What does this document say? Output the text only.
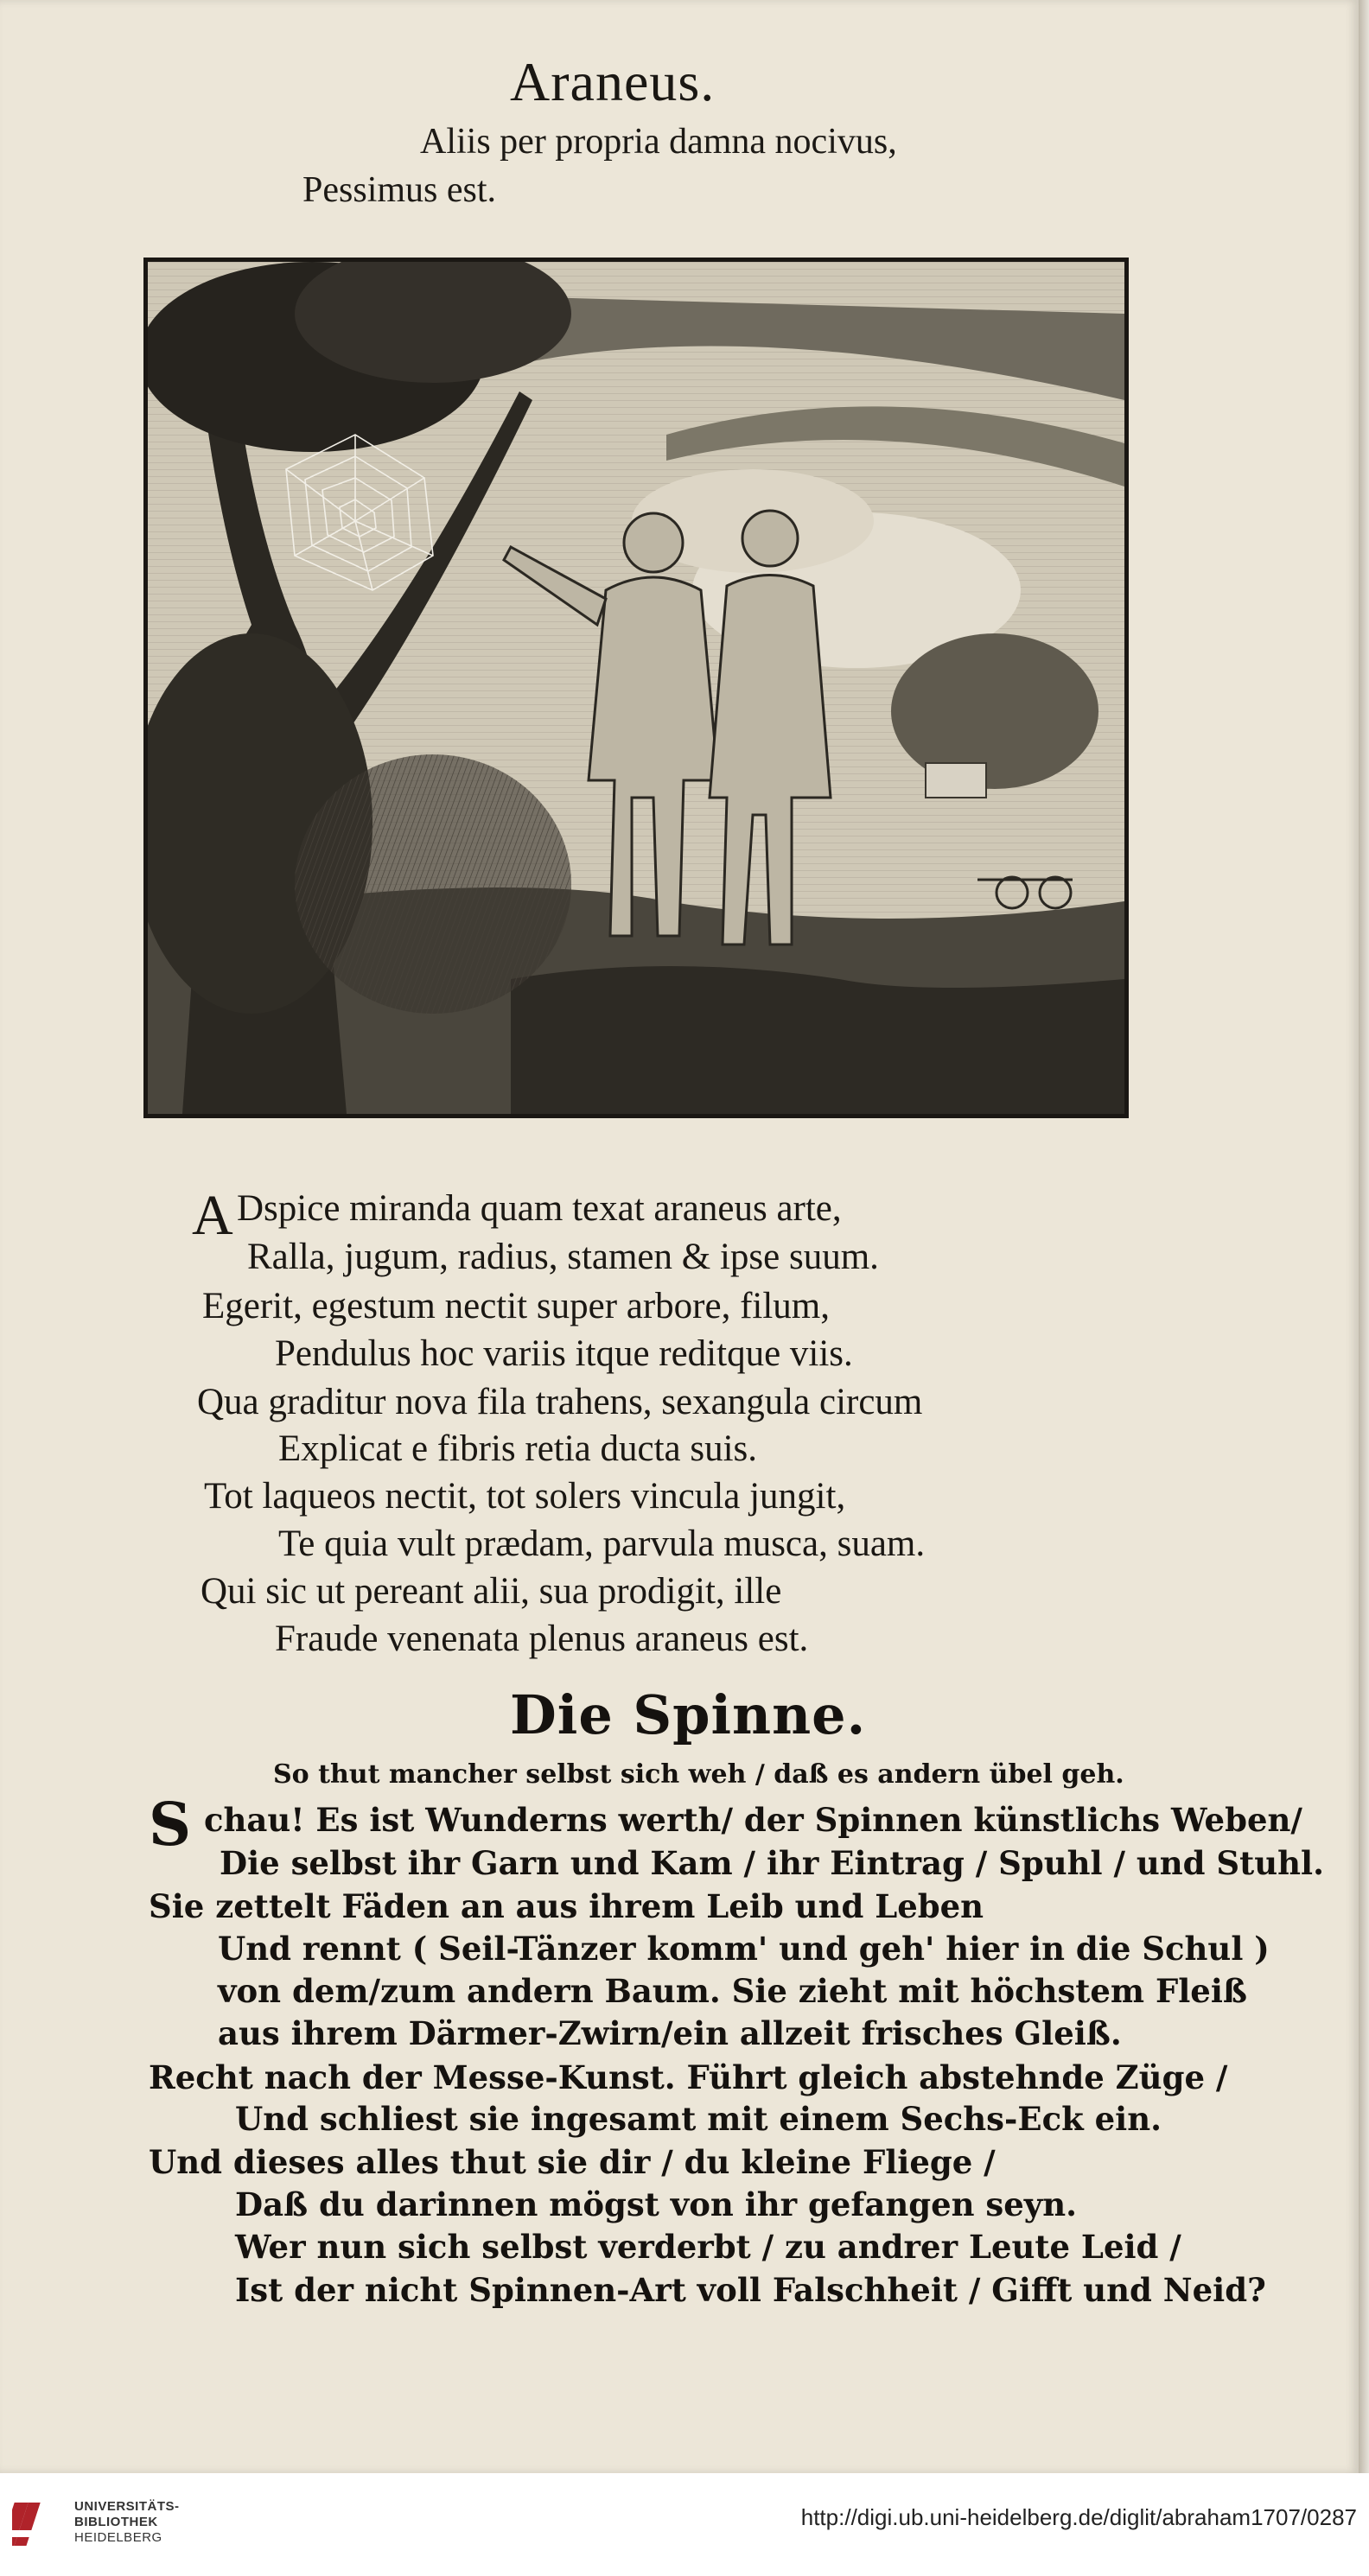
Araneus.
Aliis per propria damna nocivus,
Pessimus est.
A Dspice miranda quam texat araneus arte,
Ralla, jugum, radius, stamen & ipse suum.
Egerit, egestum nectit super arbore, filum,
Pendulus hoc variis itque reditque viis.
Qua graditur nova fila trahens, sexangula circum
Explicat e fibris retia ducta suis.
Tot laqueos nectit, tot solers vincula jungit,
Te quia vult prædam, parvula musca, suam.
Qui sic ut pereant alii, sua prodigit, ille
Fraude venenata plenus araneus est.
Die Spinne.
So thut mancher selbst sich weh / daß es andern übel geh.
S chau! Es ist Wunderns werth/ der Spinnen künstlichs Weben/
Die selbst ihr Garn und Kam / ihr Eintrag / Spuhl / und Stuhl.
Sie zettelt Fäden an aus ihrem Leib und Leben
Und rennt ( Seil-Tänzer komm' und geh' hier in die Schul )
von dem/zum andern Baum. Sie zieht mit höchstem Fleiß
aus ihrem Därmer-Zwirn/ein allzeit frisches Gleiß.
Recht nach der Messe-Kunst. Führt gleich abstehnde Züge /
Und schliest sie ingesamt mit einem Sechs-Eck ein.
Und dieses alles thut sie dir / du kleine Fliege /
Daß du darinnen mögst von ihr gefangen seyn.
Wer nun sich selbst verderbt / zu andrer Leute Leid /
Ist der nicht Spinnen-Art voll Falschheit / Gifft und Neid?
UNIVERSITÄTS-
BIBLIOTHEK
HEIDELBERG
http://digi.ub.uni-heidelberg.de/diglit/abraham1707/0287
